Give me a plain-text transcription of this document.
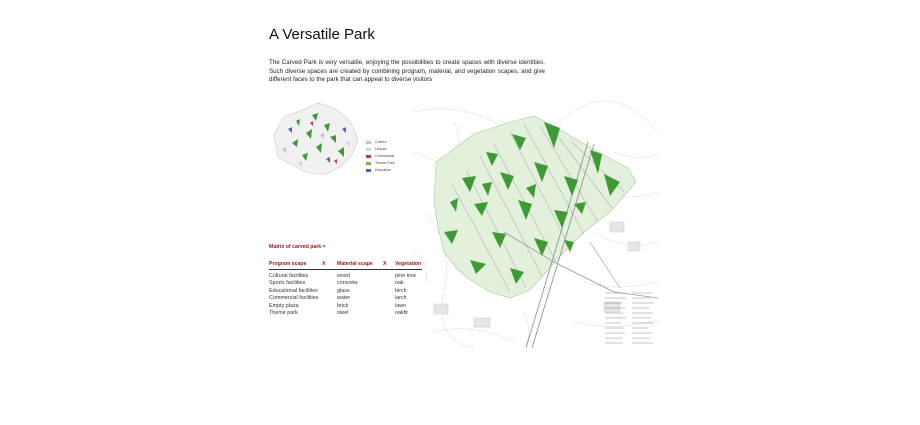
A Versatile Park
The Carved Park is very versatile, enjoying the possibilities to create spaces with diverse identities. Such diverse spaces are created by combining program, material, and vegetation scapes, and give different faces to the park that can appeal to diverse visitors
Culture
Leisure
Commercial
Theme Park
Education
Matrix of carved park =
Program scape	X Material scape X Vegetation
Cultural facilities
Sports facilities
Educational facilities
Commercial facilities
Empty plaza
Theme park
wood
concrete
glass
water
brick
steel
pine tree
oak
birch
larch
lawn
oakfir
